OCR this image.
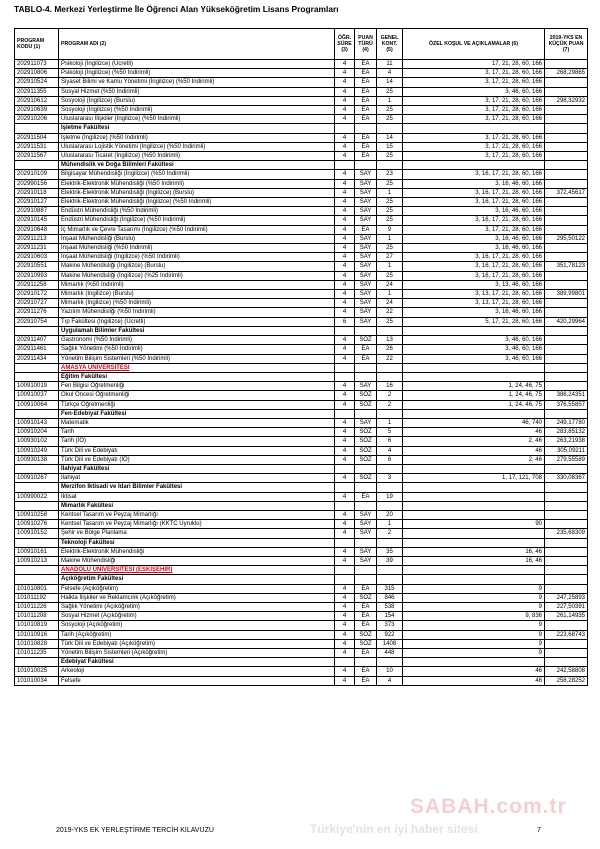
TABLO-4. Merkezi Yerleştirme İle Öğrenci Alan Yükseköğretim Lisans Programları
PROGRAM KODU (1)	PROGRAM ADI (2)	ÖĞR. SÜRE (3)	PUAN TÜRÜ (4)	GENEL KONT. (5)	ÖZEL KOŞUL VE AÇIKLAMALAR (6)	2019-YKS EN KÜÇÜK PUAN (7)
202911073	Psikoloji (İngilizce) (Ücretli)	4	EA	11	17, 21, 28, 60, 166	
202910806	Psikoloji (İngilizce) (%50 İndirimli)	4	EA	4	3, 17, 21, 28, 60, 166	268,29865
202910524	Siyaset Bilimi ve Kamu Yönetimi (İngilizce) (%50 İndirimli)	4	EA	14	3, 17, 21, 28, 60, 166	
202911355	Sosyal Hizmet (%50 İndirimli)	4	EA	25	3, 46, 60, 166	
202910612	Sosyoloji (İngilizce) (Burslu)	4	EA	1	3, 17, 21, 28, 60, 166	298,32932
202910639	Sosyoloji (İngilizce) (%50 İndirimli)	4	EA	25	3, 17, 21, 28, 60, 166	
202910206	Uluslararası İlişkiler (İngilizce) (%50 İndirimli)	4	EA	25	3, 17, 21, 28, 60, 166	
	İşletme Fakültesi					
202911504	İşletme (İngilizce) (%50 İndirimli)	4	EA	14	3, 17, 21, 28, 60, 166	
202911531	Uluslararası Lojistik Yönetimi (İngilizce) (%50 İndirimli)	4	EA	15	3, 17, 21, 28, 60, 166	
202911567	Uluslararası Ticaret (İngilizce) (%50 İndirimli)	4	EA	25	3, 17, 21, 28, 60, 166	
	Mühendislik ve Doğa Bilimleri Fakültesi					
202910109	Bilgisayar Mühendisliği (İngilizce) (%50 İndirimli)	4	SAY	23	3, 16, 17, 21, 28, 60, 166	
202990156	Elektrik-Elektronik Mühendisliği (%50 İndirimli)	4	SAY	25	3, 16, 46, 60, 166	
202910118	Elektrik-Elektronik Mühendisliği (İngilizce) (Burslu)	4	SAY	1	3, 16, 17, 21, 28, 60, 166	372,45617
202910127	Elektrik-Elektronik Mühendisliği (İngilizce) (%50 İndirimli)	4	SAY	25	3, 16, 17, 21, 28, 60, 166	
202910887	Endüstri Mühendisliği (%50 İndirimli)	4	SAY	25	3, 16, 46, 60, 166	
202910145	Endüstri Mühendisliği (İngilizce) (%50 İndirimli)	4	SAY	25	3, 16, 17, 21, 28, 60, 166	
202910648	İç Mimarlık ve Çevre Tasarımı (İngilizce) (%50 İndirimli)	4	EA	9	3, 17, 21, 28, 60, 166	
202911213	İnşaat Mühendisliği (Burslu)	4	SAY	1	3, 16, 46, 60, 166	295,50122
202911231	İnşaat Mühendisliği (%50 İndirimli)	4	SAY	25	3, 16, 46, 60, 166	
202910603	İnşaat Mühendisliği (İngilizce) (%50 İndirimli)	4	SAY	27	3, 16, 17, 21, 28, 60, 166	
202910551	Makine Mühendisliği (İngilizce) (Burslu)	4	SAY	1	3, 16, 17, 21, 28, 60, 166	351,78123
202910993	Makine Mühendisliği (İngilizce) (%25 İndirimli)	4	SAY	25	3, 16, 17, 21, 28, 60, 166	
202911258	Mimarlık (%50 İndirimli)	4	SAY	24	3, 13, 46, 60, 166	
202910172	Mimarlık (İngilizce) (Burslu)	4	SAY	1	3, 13, 17, 21, 28, 60, 166	389,99801
202910727	Mimarlık (İngilizce) (%50 İndirimli)	4	SAY	24	3, 13, 17, 21, 28, 60, 166	
202911276	Yazılım Mühendisliği (%50 İndirimli)	4	SAY	22	3, 16, 46, 60, 166	
202910754	Tıp Fakültesi (İngilizce) (Ücretli)	6	SAY	25	5, 17, 21, 28, 60, 166	420,29964
	Uygulamalı Bilimler Fakültesi					
202911407	Gastronomi (%50 İndirimli)	4	SÖZ	13	3, 46, 60, 166	
202911461	Sağlık Yönetimi (%50 İndirimli)	4	EA	26	3, 46, 60, 166	
202911434	Yönetim Bilişim Sistemleri (%50 İndirimli)	4	EA	22	3, 46, 60, 166	
	AMASYA ÜNİVERSİTESİ					
	Eğitim Fakültesi					
100910019	Fen Bilgisi Öğretmenliği	4	SAY	16	1, 24, 46, 75	
100910037	Okul Öncesi Öğretmenliği	4	SÖZ	2	1, 24, 46, 75	386,24351
100910064	Türkçe Öğretmenliği	4	SÖZ	2	1, 24, 46, 75	376,55857
	Fen-Edebiyat Fakültesi					
100910143	Matematik	4	SAY	1	46, 740	249,17780
100910204	Tarih	4	SÖZ	5	46	283,85132
100930102	Tarih (İÖ)	4	SÖZ	6	2, 46	263,21938
100910249	Türk Dili ve Edebiyatı	4	SÖZ	4	46	305,09211
100930138	Türk Dili ve Edebiyatı (İÖ)	4	SÖZ	6	2, 46	279,55589
	İlahiyat Fakültesi					
100910267	İlahiyat	4	SÖZ	3	1, 17, 121, 708	330,08367
	Merzifon İktisadi ve İdari Bilimler Fakültesi					
100990022	İktisat	4	EA	19		
	Mimarlık Fakültesi					
100910258	Kentsel Tasarım ve Peyzaj Mimarlığı	4	SAY	20		
100910276	Kentsel Tasarım ve Peyzaj Mimarlığı (KKTC Uyruklu)	4	SAY	1	90	
100910152	Şehir ve Bölge Planlama	4	SAY	2		235,68309
	Teknoloji Fakültesi					
100910161	Elektrik-Elektronik Mühendisliği	4	SAY	35	16, 46	
100910213	Makine Mühendisliği	4	SAY	39	16, 46	
	ANADOLU ÜNİVERSİTESİ (ESKİŞEHİR)					
	Açıköğretim Fakültesi					
101010801	Felsefe (Açıköğretim)	4	EA	315	9	
101011192	Halkla İlişkiler ve Reklamcılık (Açıköğretim)	4	SÖZ	846	9	247,25893
101011226	Sağlık Yönetimi (Açıköğretim)	4	EA	538	9	227,50391
101011208	Sosyal Hizmet (Açıköğretim)	4	EA	154	9, 836	261,14935
101010819	Sosyoloji (Açıköğretim)	4	EA	373	9	
101010916	Tarih (Açıköğretim)	4	SÖZ	922	9	223,68743
101010828	Türk Dili ve Edebiyatı (Açıköğretim)	4	SÖZ	1408	9	
101011235	Yönetim Bilişim Sistemleri (Açıköğretim)	4	EA	448	9	
	Edebiyat Fakültesi					
101010025	Arkeoloji	4	EA	10	46	242,58808
101010034	Felsefe	4	EA	4	46	258,28252
SABAH.com.tr
Türkiye'nin en iyi haber sitesi
2019-YKS EK YERLEŞTİRME TERCİH KILAVUZU	7
